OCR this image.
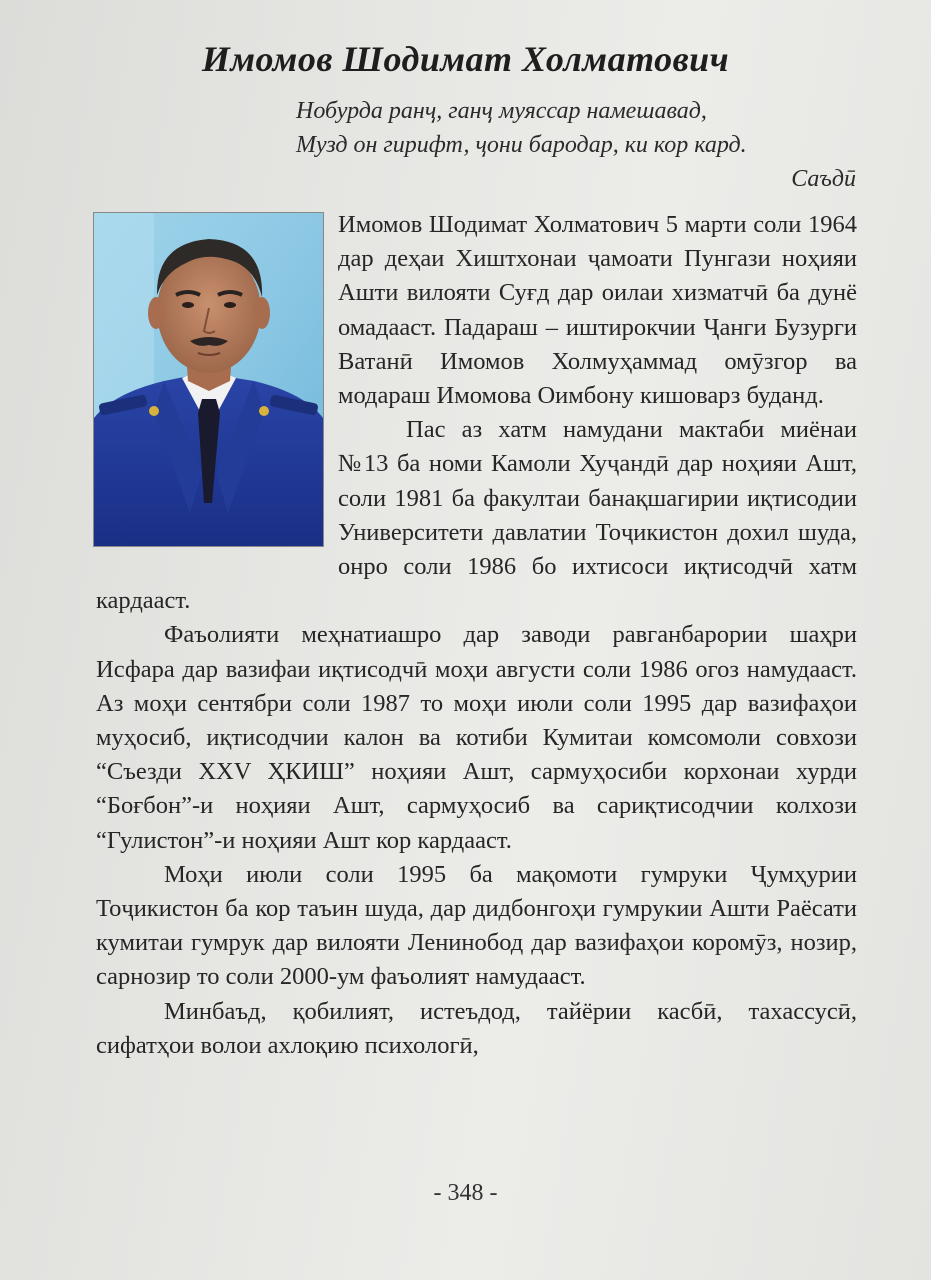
Имомов Шодимат Холматович
Нобурда ранҷ, ганҷ муяссар намешавад,
Музд он гирифт, ҷони бародар, ки кор кард.
Саъдӣ

Имомов Шодимат Холматович 5 марти соли 1964 дар деҳаи Хиштхонаи ҷамоати Пунгази ноҳияи Ашти вилояти Суғд дар оилаи хизматчӣ ба дунё омадааст. Падараш – иштирокчии Ҷанги Бузурги Ватанӣ Имомов Холмуҳаммад омӯзгор ва модараш Имомова Оимбону кишоварз буданд.

Пас аз хатм намудани мактаби миёнаи №13 ба номи Камоли Хуҷандӣ дар ноҳияи Ашт, соли 1981 ба факултаи банақшагирии иқтисодии Университети давлатии Тоҷикистон дохил шуда, онро соли 1986 бо ихтисоси иқтисодчӣ хатм кардааст.

Фаъолияти меҳнатиашро дар заводи равганбарории шаҳри Исфара дар вазифаи иқтисодчӣ моҳи августи соли 1986 огоз намудааст. Аз моҳи сентябри соли 1987 то моҳи июли соли 1995 дар вазифаҳои муҳосиб, иқтисодчии калон ва котиби Кумитаи комсомоли совхози “Съезди XXV ҲКИШ” ноҳияи Ашт, сармуҳосиби корхонаи хурди “Боғбон”-и ноҳияи Ашт, сармуҳосиб ва сариқтисодчии колхози “Гулистон”-и ноҳияи Ашт кор кардааст.

Моҳи июли соли 1995 ба мақомоти гумруки Ҷумҳурии Тоҷикистон ба кор таъин шуда, дар дидбонгоҳи гумрукии Ашти Раёсати кумитаи гумрук дар вилояти Ленинобод дар вазифаҳои коромӯз, нозир, сарнозир то соли 2000-ум фаъолият намудааст.

Минбаъд, қобилият, истеъдод, тайёрии касбӣ, тахассусӣ, сифатҳои волои ахлоқию психологӣ,

- 348 -
